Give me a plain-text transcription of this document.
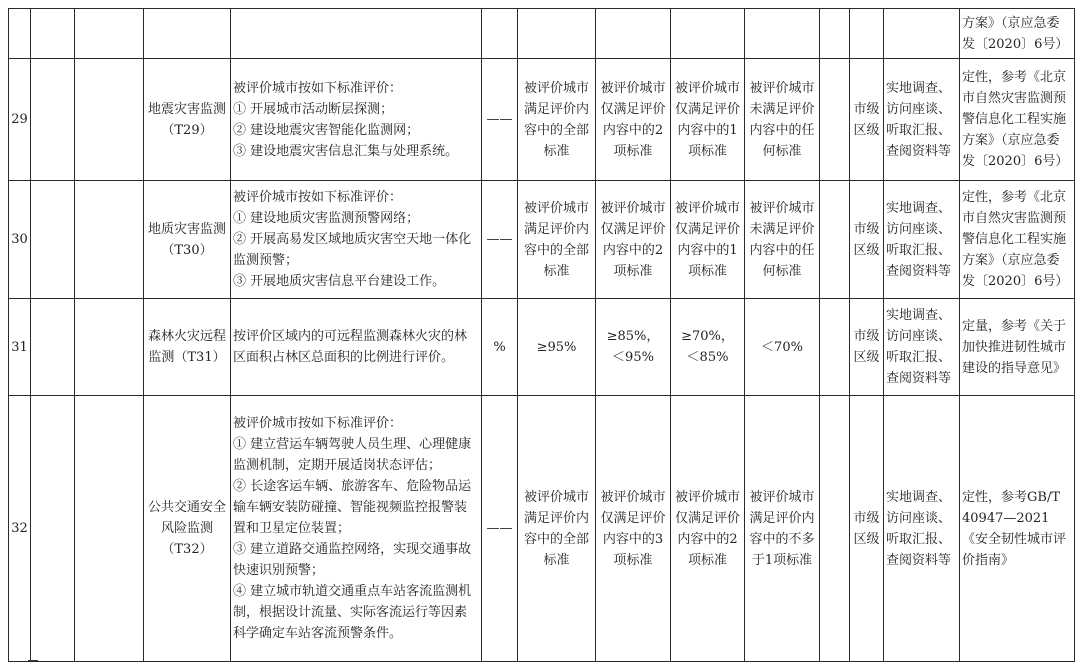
													方案》（京应急委
发〔2020〕6号）

29			地震灾害监测
（T29）	被评价城市按如下标准评价：
① 开展城市活动断层探测；
② 建设地震灾害智能化监测网；
③ 建设地震灾害信息汇集与处理系统。	——	被评价城市满足评价内容中的全部标准	被评价城市仅满足评价内容中的2项标准	被评价城市仅满足评价内容中的1项标准	被评价城市未满足评价内容中的任何标准		市级区级	实地调查、访问座谈、听取汇报、查阅资料等	定性，参考《北京市自然灾害监测预警信息化工程实施方案》（京应急委发〔2020〕6号）
30			地质灾害监测
（T30）	被评价城市按如下标准评价：
① 建设地质灾害监测预警网络；
② 开展高易发区域地质灾害空天地一体化监测预警；
③ 开展地质灾害信息平台建设工作。	——	被评价城市满足评价内容中的全部标准	被评价城市仅满足评价内容中的2项标准	被评价城市仅满足评价内容中的1项标准	被评价城市未满足评价内容中的任何标准		市级区级	实地调查、访问座谈、听取汇报、查阅资料等	定性，参考《北京市自然灾害监测预警信息化工程实施方案》（京应急委发〔2020〕6号）
31			森林火灾远程监测（T31）	按评价区域内的可远程监测森林火灾的林区面积占林区总面积的比例进行评价。	%	≥95%	≥85%，
＜95%	≥70%，
＜85%	＜70%		市级区级	实地调查、访问座谈、听取汇报、查阅资料等	定量，参考《关于加快推进韧性城市建设的指导意见》
32			公共交通安全风险监测
（T32）	被评价城市按如下标准评价：
① 建立营运车辆驾驶人员生理、心理健康监测机制，定期开展适岗状态评估；
② 长途客运车辆、旅游客车、危险物品运输车辆安装防碰撞、智能视频监控报警装置和卫星定位装置；
③ 建立道路交通监控网络，实现交通事故快速识别预警；
④ 建立城市轨道交通重点车站客流监测机制，根据设计流量、实际客流运行等因素科学确定车站客流预警条件。	——	被评价城市满足评价内容中的全部标准	被评价城市仅满足评价内容中的3项标准	被评价城市仅满足评价内容中的2项标准	被评价城市满足评价内容中的不多于1项标准		市级区级	实地调查、访问座谈、听取汇报、查阅资料等	定性，参考GB/T 40947—2021《安全韧性城市评价指南》
